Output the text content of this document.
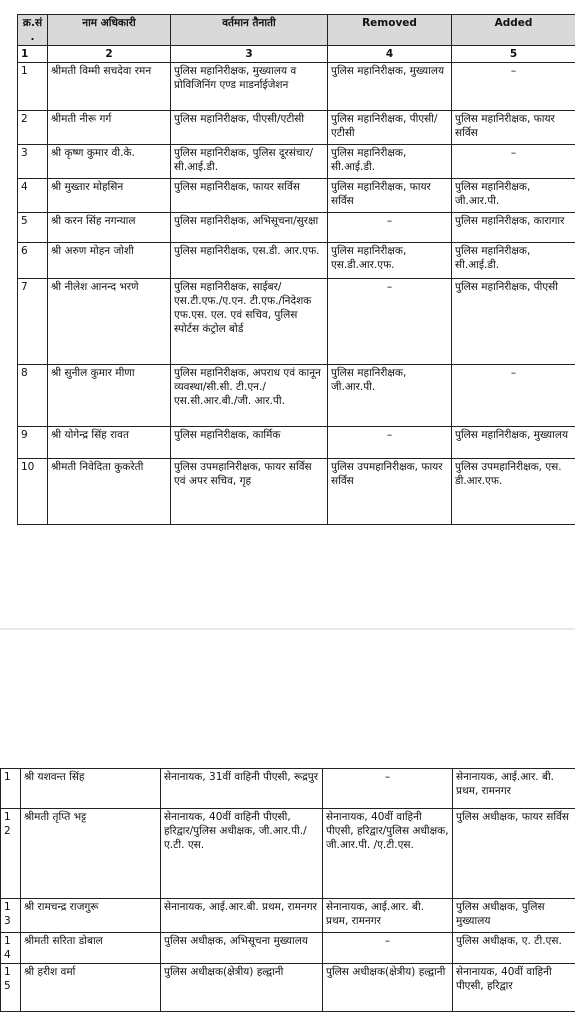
क्र.सं.	नाम अधिकारी	वर्तमान तैनाती	Removed	Added
1	2	3	4	5
1	श्रीमती विम्मी सचदेवा रमन	पुलिस महानिरीक्षक, मुख्यालय व प्रोविजिनिंग एण्ड माडर्नाईजेशन	पुलिस महानिरीक्षक, मुख्यालय	–
2	श्रीमती नीरू गर्ग	पुलिस महानिरीक्षक, पीएसी/एटीसी	पुलिस महानिरीक्षक, पीएसी/एटीसी	पुलिस महानिरीक्षक, फायर सर्विस
3	श्री कृष्ण कुमार वी.के.	पुलिस महानिरीक्षक, पुलिस दूरसंचार/सी.आई.डी.	पुलिस महानिरीक्षक, सी.आई.डी.	–
4	श्री मुख्तार मोहसिन	पुलिस महानिरीक्षक, फायर सर्विस	पुलिस महानिरीक्षक, फायर सर्विस	पुलिस महानिरीक्षक, जी.आर.पी.
5	श्री करन सिंह नगन्याल	पुलिस महानिरीक्षक, अभिसूचना/सुरक्षा	–	पुलिस महानिरीक्षक, कारागार
6	श्री अरुण मोहन जोशी	पुलिस महानिरीक्षक, एस.डी. आर.एफ.	पुलिस महानिरीक्षक, एस.डी.आर.एफ.	पुलिस महानिरीक्षक, सी.आई.डी.
7	श्री नीलेश आनन्द भरणे	पुलिस महानिरीक्षक, साईबर/एस.टी.एफ./ए.एन. टी.एफ./निदेशक एफ.एस. एल. एवं सचिव, पुलिस स्पोर्टस कंट्रोल बोर्ड	–	पुलिस महानिरीक्षक, पीएसी
8	श्री सुनील कुमार मीणा	पुलिस महानिरीक्षक, अपराध एवं कानून व्यवस्था/सी.सी. टी.एन./एस.सी.आर.बी./जी. आर.पी.	पुलिस महानिरीक्षक, जी.आर.पी.	–
9	श्री योगेन्द्र सिंह रावत	पुलिस महानिरीक्षक, कार्मिक	–	पुलिस महानिरीक्षक, मुख्यालय
10	श्रीमती निवेदिता कुकरेती	पुलिस उपमहानिरीक्षक, फायर सर्विस एवं अपर सचिव, गृह	पुलिस उपमहानिरीक्षक, फायर सर्विस	पुलिस उपमहानिरीक्षक, एस. डी.आर.एफ.
1	श्री यशवन्त सिंह	सेनानायक, 31वीं वाहिनी पीएसी, रूद्रपुर	–	सेनानायक, आई.आर. बी. प्रथम, रामनगर
12	श्रीमती तृप्ति भट्ट	सेनानायक, 40वीं वाहिनी पीएसी, हरिद्वार/पुलिस अधीक्षक, जी.आर.पी./ए.टी. एस.	सेनानायक, 40वीं वाहिनी पीएसी, हरिद्वार/पुलिस अधीक्षक, जी.आर.पी. /ए.टी.एस.	पुलिस अधीक्षक, फायर सर्विस
13	श्री रामचन्द्र राजगुरू	सेनानायक, आई.आर.बी. प्रथम, रामनगर	सेनानायक, आई.आर. बी. प्रथम, रामनगर	पुलिस अधीक्षक, पुलिस मुख्यालय
14	श्रीमती सरिता डोबाल	पुलिस अधीक्षक, अभिसूचना मुख्यालय	–	पुलिस अधीक्षक, ए. टी.एस.
15	श्री हरीश वर्मा	पुलिस अधीक्षक(क्षेत्रीय) हल्द्वानी	पुलिस अधीक्षक(क्षेत्रीय) हल्द्वानी	सेनानायक, 40वीं वाहिनी पीएसी, हरिद्वार
